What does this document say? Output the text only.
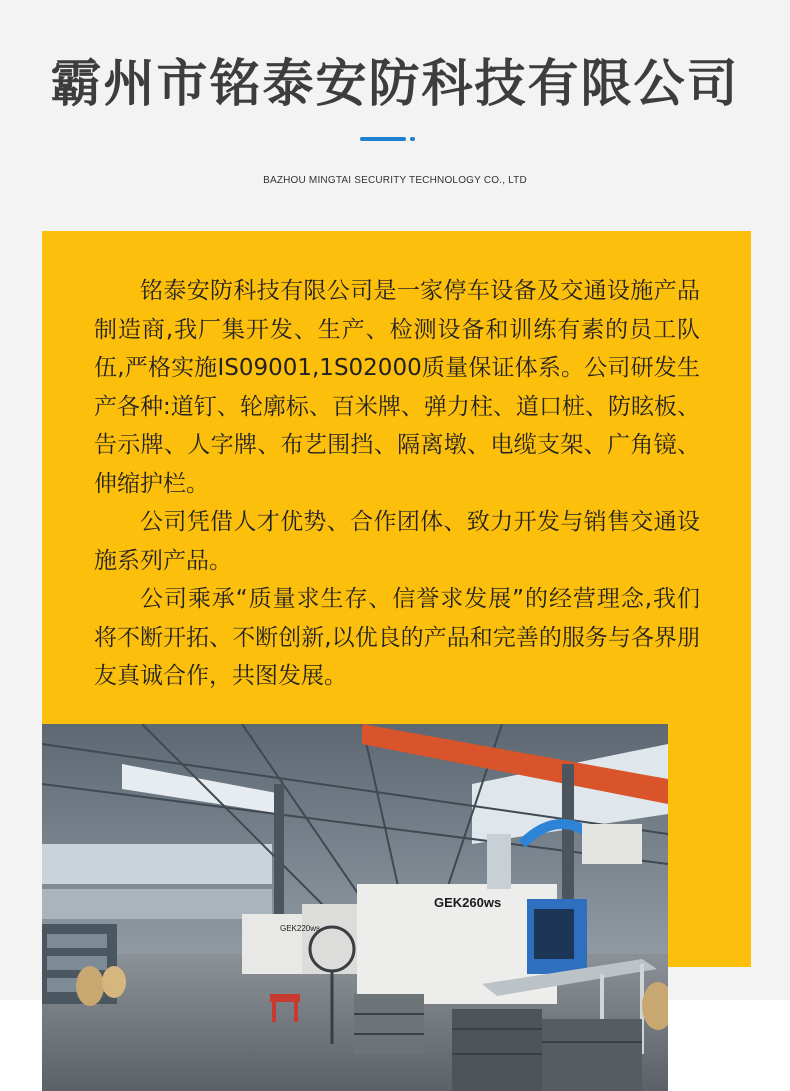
霸州市铭泰安防科技有限公司
BAZHOU MINGTAI SECURITY TECHNOLOGY CO., LTD

铭泰安防科技有限公司是一家停车设备及交通设施产品制造商,我厂集开发、生产、检测设备和训练有素的员工队伍,严格实施IS09001,1S02000质量保证体系。公司研发生产各种:道钉、轮廓标、百米牌、弹力柱、道口桩、防眩板、告示牌、人字牌、布艺围挡、隔离墩、电缆支架、广角镜、伸缩护栏。

公司凭借人才优势、合作团体、致力开发与销售交通设施系列产品。

公司乘承“质量求生存、信誉求发展”的经营理念,我们将不断开拓、不断创新,以优良的产品和完善的服务与各界朋友真诚合作，共图发展。

GEK260ws
GEK220ws
